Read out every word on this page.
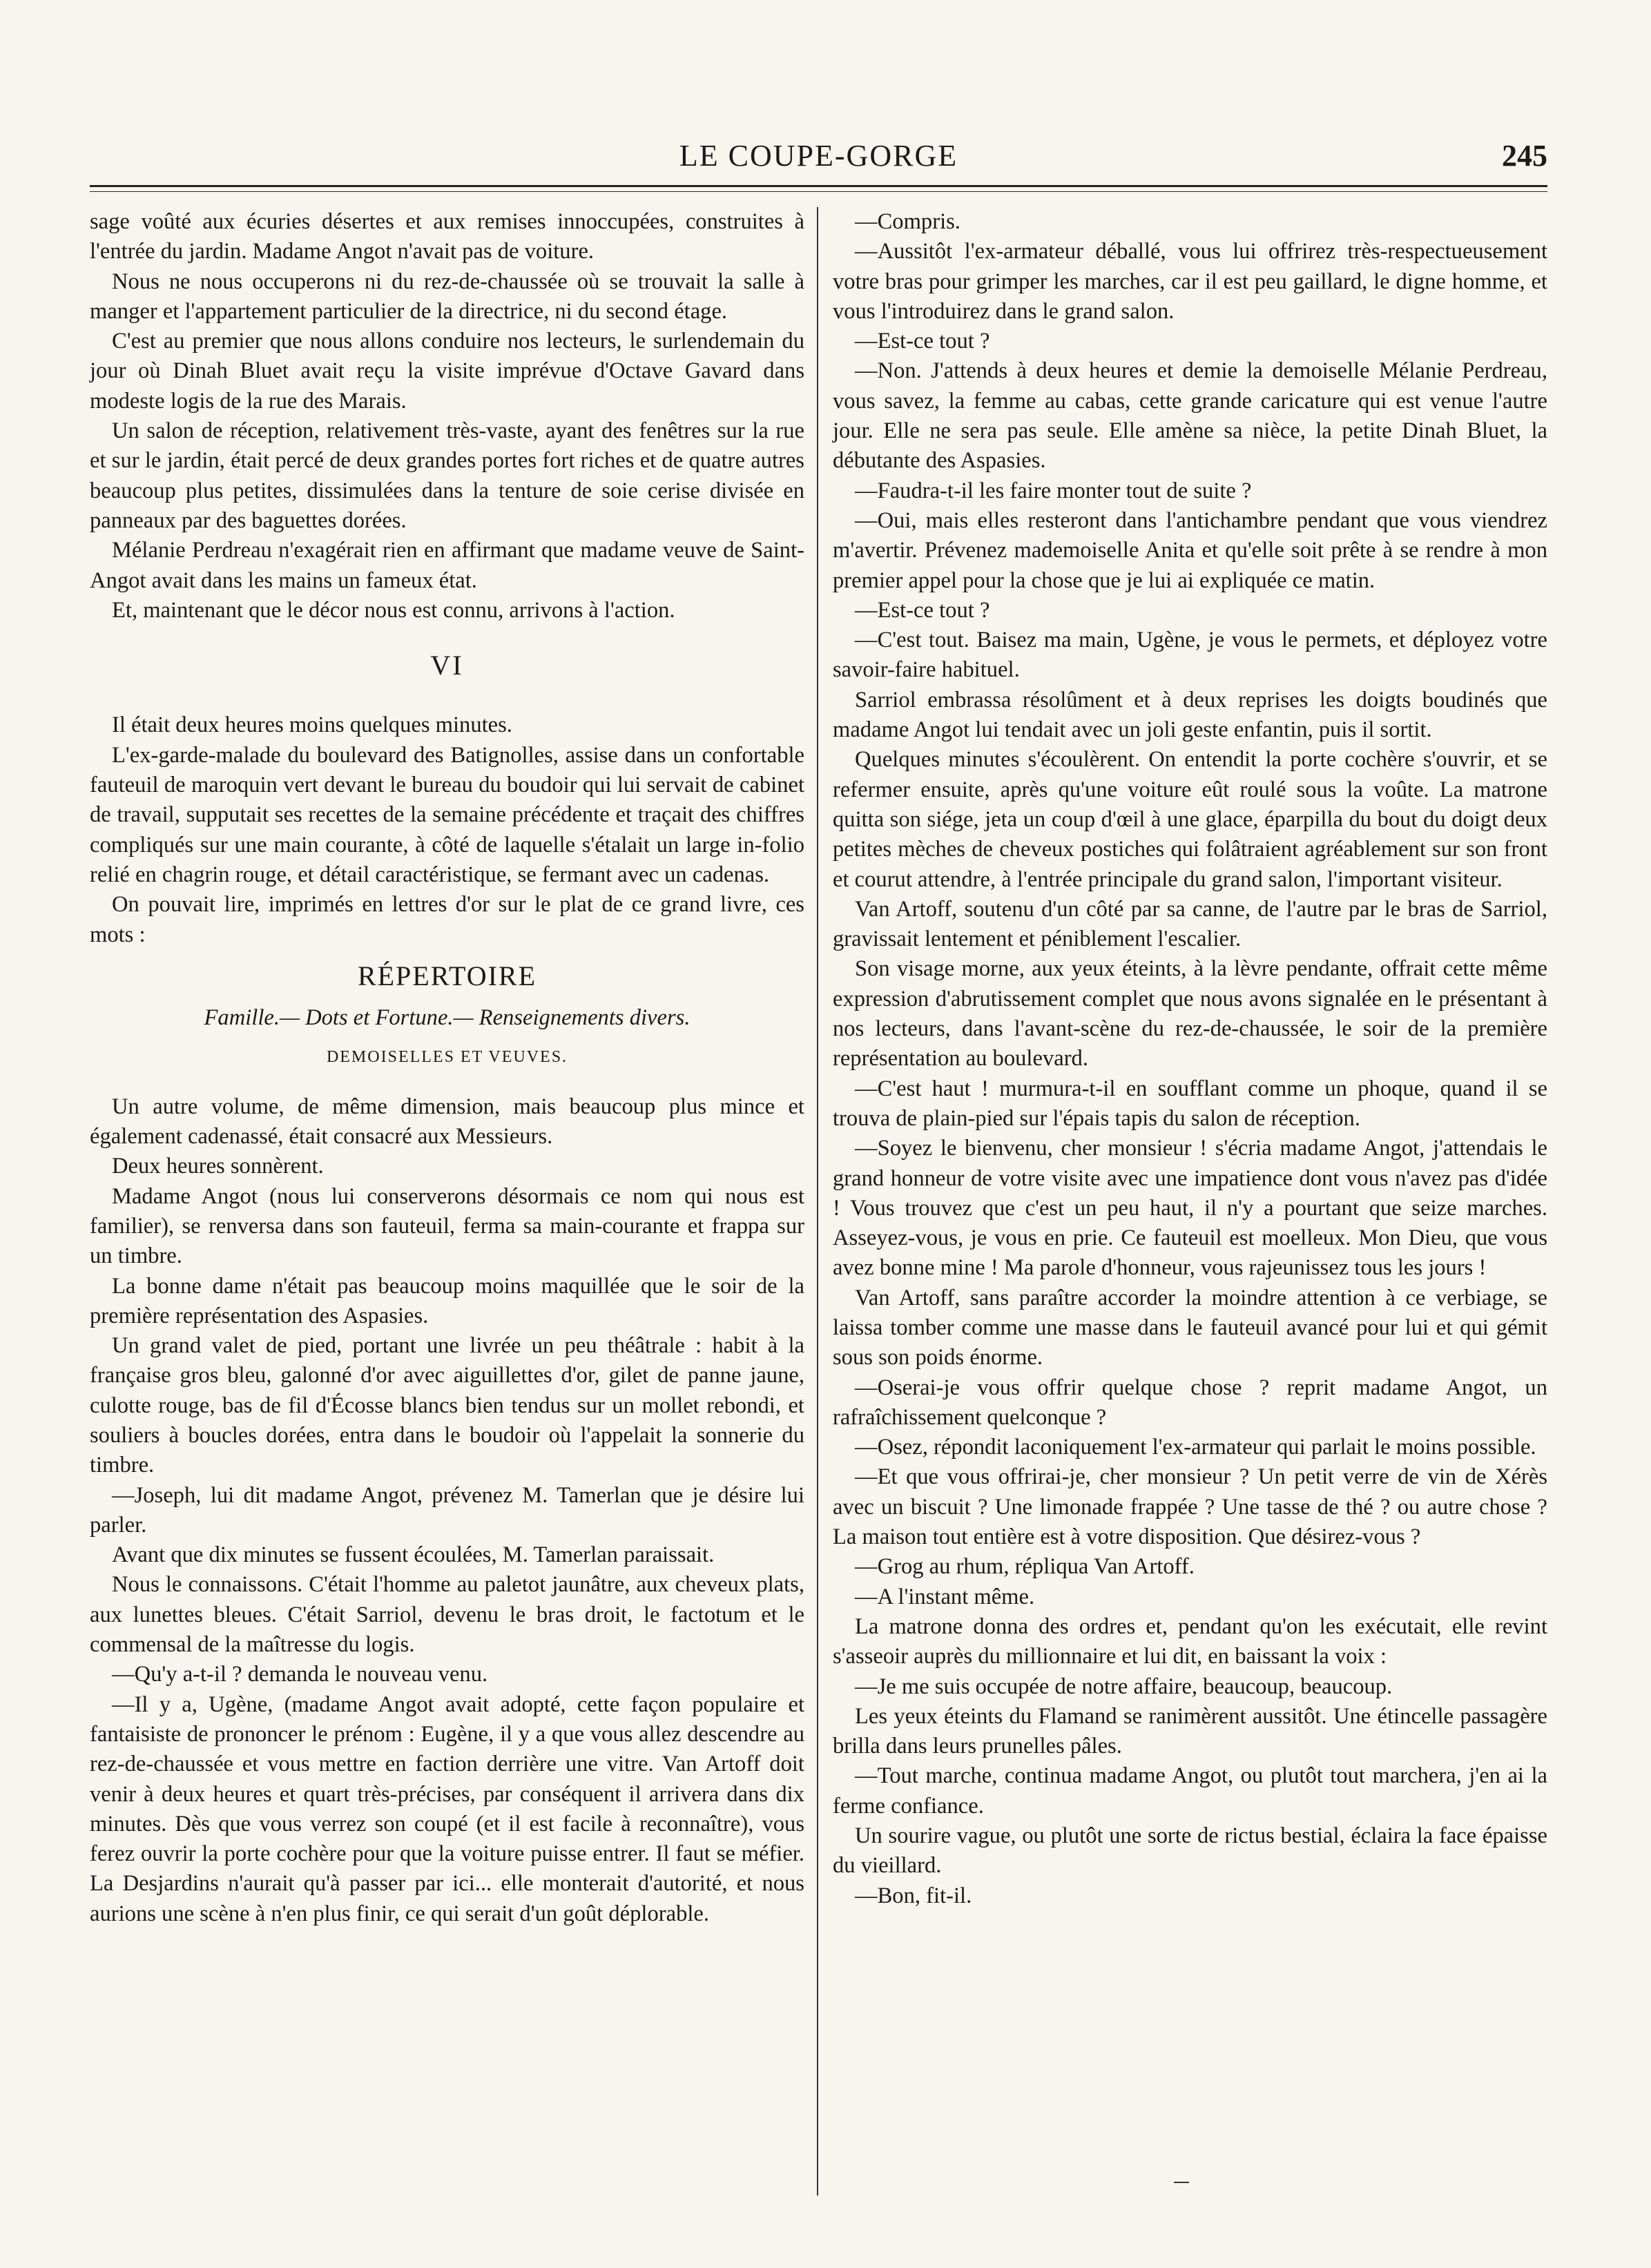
LE COUPE-GORGE	245

sage voûté aux écuries désertes et aux remises innoccupées, construites à l'entrée du jardin. Madame Angot n'avait pas de voiture.

Nous ne nous occuperons ni du rez-de-chaussée où se trouvait la salle à manger et l'appartement particulier de la directrice, ni du second étage.

C'est au premier que nous allons conduire nos lecteurs, le surlendemain du jour où Dinah Bluet avait reçu la visite imprévue d'Octave Gavard dans modeste logis de la rue des Marais.

Un salon de réception, relativement très-vaste, ayant des fenêtres sur la rue et sur le jardin, était percé de deux grandes portes fort riches et de quatre autres beaucoup plus petites, dissimulées dans la tenture de soie cerise divisée en panneaux par des baguettes dorées.

Mélanie Perdreau n'exagérait rien en affirmant que madame veuve de Saint-Angot avait dans les mains un fameux état.

Et, maintenant que le décor nous est connu, arrivons à l'action.

VI

Il était deux heures moins quelques minutes.

L'ex-garde-malade du boulevard des Batignolles, assise dans un confortable fauteuil de maroquin vert devant le bureau du boudoir qui lui servait de cabinet de travail, supputait ses recettes de la semaine précédente et traçait des chiffres compliqués sur une main courante, à côté de laquelle s'étalait un large in-folio relié en chagrin rouge, et détail caractéristique, se fermant avec un cadenas.

On pouvait lire, imprimés en lettres d'or sur le plat de ce grand livre, ces mots :

RÉPERTOIRE

Famille.— Dots et Fortune.— Renseignements divers.

DEMOISELLES ET VEUVES.

Un autre volume, de même dimension, mais beaucoup plus mince et également cadenassé, était consacré aux Messieurs.

Deux heures sonnèrent.

Madame Angot (nous lui conserverons désormais ce nom qui nous est familier), se renversa dans son fauteuil, ferma sa main-courante et frappa sur un timbre.

La bonne dame n'était pas beaucoup moins maquillée que le soir de la première représentation des Aspasies.

Un grand valet de pied, portant une livrée un peu théâtrale : habit à la française gros bleu, galonné d'or avec aiguillettes d'or, gilet de panne jaune, culotte rouge, bas de fil d'Écosse blancs bien tendus sur un mollet rebondi, et souliers à boucles dorées, entra dans le boudoir où l'appelait la sonnerie du timbre.

—Joseph, lui dit madame Angot, prévenez M. Tamerlan que je désire lui parler.

Avant que dix minutes se fussent écoulées, M. Tamerlan paraissait.

Nous le connaissons. C'était l'homme au paletot jaunâtre, aux cheveux plats, aux lunettes bleues. C'était Sarriol, devenu le bras droit, le factotum et le commensal de la maîtresse du logis.

—Qu'y a-t-il ? demanda le nouveau venu.

—Il y a, Ugène, (madame Angot avait adopté, cette façon populaire et fantaisiste de prononcer le prénom : Eugène, il y a que vous allez descendre au rez-de-chaussée et vous mettre en faction derrière une vitre. Van Artoff doit venir à deux heures et quart très-précises, par conséquent il arrivera dans dix minutes. Dès que vous verrez son coupé (et il est facile à reconnaître), vous ferez ouvrir la porte cochère pour que la voiture puisse entrer. Il faut se méfier. La Desjardins n'aurait qu'à passer par ici... elle monterait d'autorité, et nous aurions une scène à n'en plus finir, ce qui serait d'un goût déplorable.

—Compris.

—Aussitôt l'ex-armateur déballé, vous lui offrirez très-respectueusement votre bras pour grimper les marches, car il est peu gaillard, le digne homme, et vous l'introduirez dans le grand salon.

—Est-ce tout ?

—Non. J'attends à deux heures et demie la demoiselle Mélanie Perdreau, vous savez, la femme au cabas, cette grande caricature qui est venue l'autre jour. Elle ne sera pas seule. Elle amène sa nièce, la petite Dinah Bluet, la débutante des Aspasies.

—Faudra-t-il les faire monter tout de suite ?

—Oui, mais elles resteront dans l'antichambre pendant que vous viendrez m'avertir. Prévenez mademoiselle Anita et qu'elle soit prête à se rendre à mon premier appel pour la chose que je lui ai expliquée ce matin.

—Est-ce tout ?

—C'est tout. Baisez ma main, Ugène, je vous le permets, et déployez votre savoir-faire habituel.

Sarriol embrassa résolûment et à deux reprises les doigts boudinés que madame Angot lui tendait avec un joli geste enfantin, puis il sortit.

Quelques minutes s'écoulèrent. On entendit la porte cochère s'ouvrir, et se refermer ensuite, après qu'une voiture eût roulé sous la voûte. La matrone quitta son siége, jeta un coup d'œil à une glace, éparpilla du bout du doigt deux petites mèches de cheveux postiches qui folâtraient agréablement sur son front et courut attendre, à l'entrée principale du grand salon, l'important visiteur.

Van Artoff, soutenu d'un côté par sa canne, de l'autre par le bras de Sarriol, gravissait lentement et péniblement l'escalier.

Son visage morne, aux yeux éteints, à la lèvre pendante, offrait cette même expression d'abrutissement complet que nous avons signalée en le présentant à nos lecteurs, dans l'avant-scène du rez-de-chaussée, le soir de la première représentation au boulevard.

—C'est haut ! murmura-t-il en soufflant comme un phoque, quand il se trouva de plain-pied sur l'épais tapis du salon de réception.

—Soyez le bienvenu, cher monsieur ! s'écria madame Angot, j'attendais le grand honneur de votre visite avec une impatience dont vous n'avez pas d'idée ! Vous trouvez que c'est un peu haut, il n'y a pourtant que seize marches. Asseyez-vous, je vous en prie. Ce fauteuil est moelleux. Mon Dieu, que vous avez bonne mine ! Ma parole d'honneur, vous rajeunissez tous les jours !

Van Artoff, sans paraître accorder la moindre attention à ce verbiage, se laissa tomber comme une masse dans le fauteuil avancé pour lui et qui gémit sous son poids énorme.

—Oserai-je vous offrir quelque chose ? reprit madame Angot, un rafraîchissement quelconque ?

—Osez, répondit laconiquement l'ex-armateur qui parlait le moins possible.

—Et que vous offrirai-je, cher monsieur ? Un petit verre de vin de Xérès avec un biscuit ? Une limonade frappée ? Une tasse de thé ? ou autre chose ? La maison tout entière est à votre disposition. Que désirez-vous ?

—Grog au rhum, répliqua Van Artoff.

—A l'instant même.

La matrone donna des ordres et, pendant qu'on les exécutait, elle revint s'asseoir auprès du millionnaire et lui dit, en baissant la voix :

—Je me suis occupée de notre affaire, beaucoup, beaucoup.

Les yeux éteints du Flamand se ranimèrent aussitôt. Une étincelle passagère brilla dans leurs prunelles pâles.

—Tout marche, continua madame Angot, ou plutôt tout marchera, j'en ai la ferme confiance.

Un sourire vague, ou plutôt une sorte de rictus bestial, éclaira la face épaisse du vieillard.

—Bon, fit-il.
